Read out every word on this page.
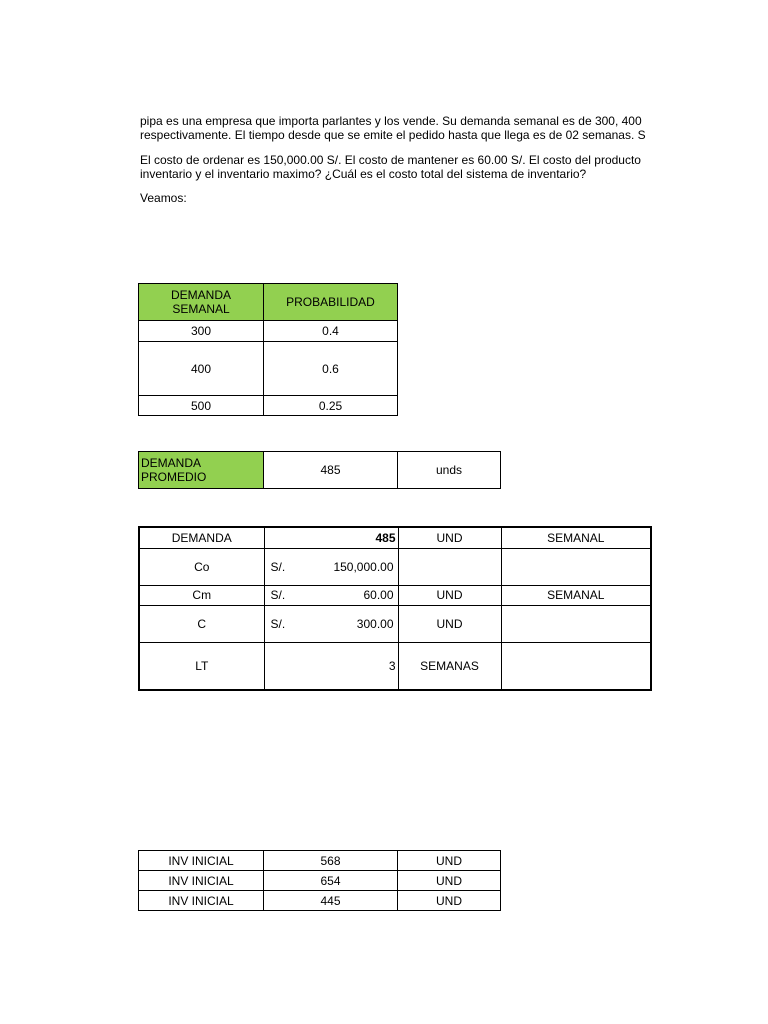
pipa es una empresa que importa parlantes y los vende. Su demanda semanal es de 300, 400
respectivamente. El tiempo desde que se emite el pedido hasta que llega es de 02 semanas. S
El costo de ordenar es 150,000.00 S/. El costo de mantener es 60.00 S/. El costo del producto
inventario y el inventario maximo? ¿Cuál es el costo total del sistema de inventario?
Veamos:
DEMANDA SEMANAL	PROBABILIDAD
300	0.4
400	0.6
500	0.25
DEMANDA PROMEDIO	485	unds
DEMANDA	485	UND	SEMANAL
Co	S/. 150,000.00		

Cm	S/. 60.00	UND	SEMANAL
C	S/. 300.00	UND	
LT	3	SEMANAS	
INV INICIAL	568	UND
INV INICIAL	654	UND
INV INICIAL	445	UND
